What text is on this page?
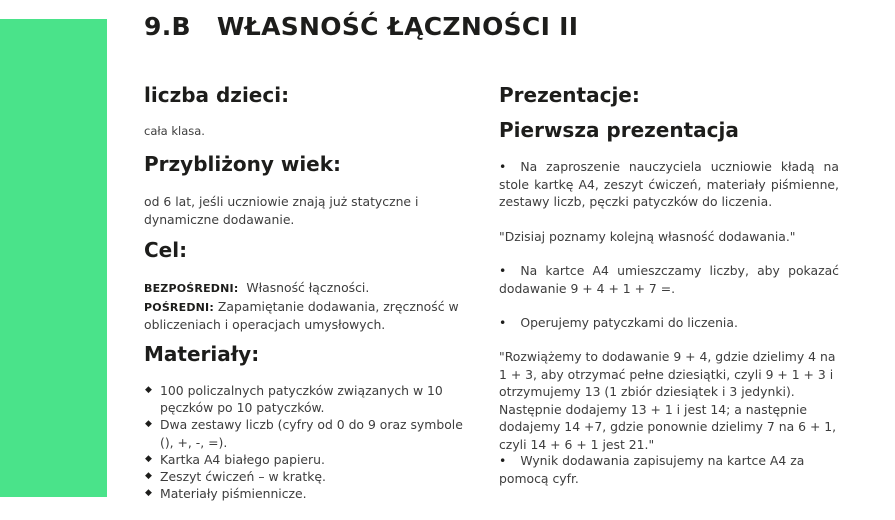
9.B WŁASNOŚĆ ŁĄCZNOŚCI II
liczba dzieci:

cała klasa.

Przybliżony wiek:

od 6 lat, jeśli uczniowie znają już statyczne i dynamiczne dodawanie.

Cel:

BEZPOŚREDNI: Własność łączności.

POŚREDNI: Zapamiętanie dodawania, zręczność w obliczeniach i operacjach umysłowych.

Materiały:
◆ 100 policzalnych patyczków związanych w 10 pęczków po 10 patyczków.
◆ Dwa zestawy liczb (cyfry od 0 do 9 oraz symbole (), +, -, =).
◆ Kartka A4 białego papieru.
◆ Zeszyt ćwiczeń – w kratkę.
◆ Materiały piśmiennicze.
Prezentacje:
Pierwsza prezentacja

• Na zaproszenie nauczyciela uczniowie kładą na stole kartkę A4, zeszyt ćwiczeń, materiały piśmienne, zestawy liczb, pęczki patyczków do liczenia.

"Dzisiaj poznamy kolejną własność dodawania."

• Na kartce A4 umieszczamy liczby, aby pokazać dodawanie 9 + 4 + 1 + 7 =.

• Operujemy patyczkami do liczenia.

"Rozwiążemy to dodawanie 9 + 4, gdzie dzielimy 4 na 1 + 3, aby otrzymać pełne dziesiątki, czyli 9 + 1 + 3 i otrzymujemy 13 (1 zbiór dziesiątek i 3 jedynki). Następnie dodajemy 13 + 1 i jest 14; a następnie dodajemy 14 +7, gdzie ponownie dzielimy 7 na 6 + 1, czyli 14 + 6 + 1 jest 21."

• Wynik dodawania zapisujemy na kartce A4 za pomocą cyfr.
